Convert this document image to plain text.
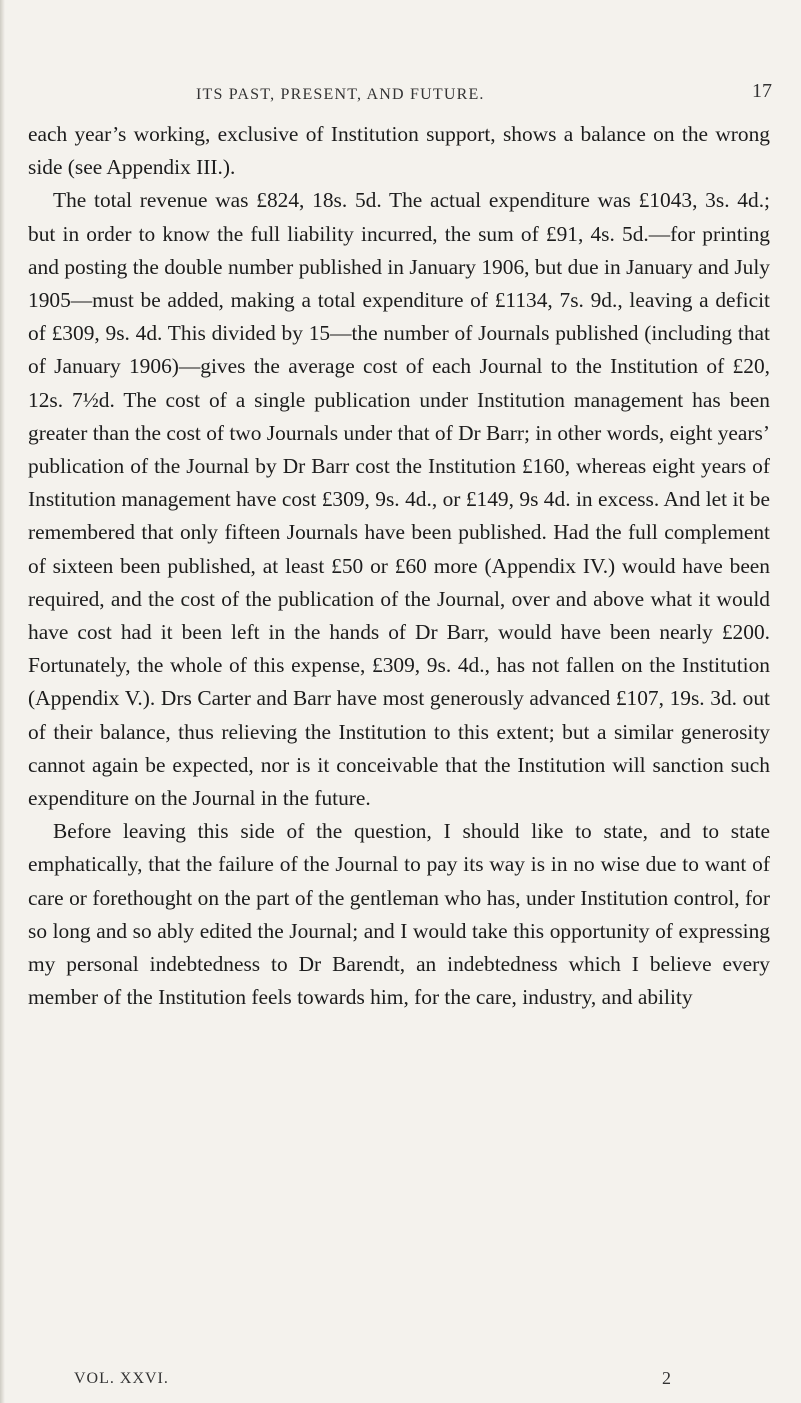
ITS PAST, PRESENT, AND FUTURE.	17

each year’s working, exclusive of Institution support, shows a balance on the wrong side (see Appendix III.).

The total revenue was £824, 18s. 5d. The actual expenditure was £1043, 3s. 4d.; but in order to know the full liability incurred, the sum of £91, 4s. 5d.—for printing and posting the double number published in January 1906, but due in January and July 1905—must be added, making a total expenditure of £1134, 7s. 9d., leaving a deficit of £309, 9s. 4d. This divided by 15—the number of Journals published (including that of January 1906)—gives the average cost of each Journal to the Institution of £20, 12s. 7½d. The cost of a single publication under Institution management has been greater than the cost of two Journals under that of Dr Barr; in other words, eight years’ publication of the Journal by Dr Barr cost the Institution £160, whereas eight years of Institution management have cost £309, 9s. 4d., or £149, 9s 4d. in excess. And let it be remembered that only fifteen Journals have been published. Had the full complement of sixteen been published, at least £50 or £60 more (Appendix IV.) would have been required, and the cost of the publication of the Journal, over and above what it would have cost had it been left in the hands of Dr Barr, would have been nearly £200. Fortunately, the whole of this expense, £309, 9s. 4d., has not fallen on the Institution (Appendix V.). Drs Carter and Barr have most generously advanced £107, 19s. 3d. out of their balance, thus relieving the Institution to this extent; but a similar generosity cannot again be expected, nor is it conceivable that the Institution will sanction such expenditure on the Journal in the future.

Before leaving this side of the question, I should like to state, and to state emphatically, that the failure of the Journal to pay its way is in no wise due to want of care or forethought on the part of the gentleman who has, under Institution control, for so long and so ably edited the Journal; and I would take this opportunity of expressing my personal indebtedness to Dr Barendt, an indebtedness which I believe every member of the Institution feels towards him, for the care, industry, and ability

VOL. XXVI.	2
